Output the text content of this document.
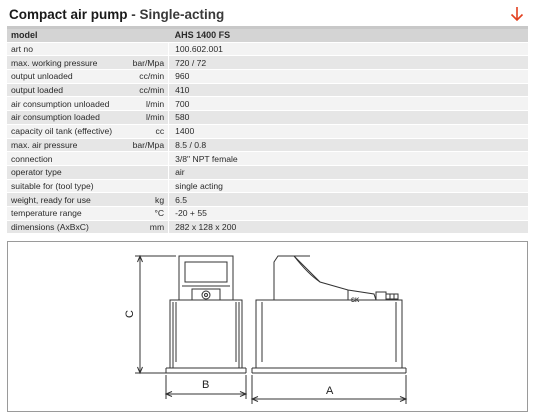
Compact air pump - Single-acting
model		AHS 1400 FS
art no		100.602.001
max. working pressure	bar/Mpa	720 / 72
output unloaded	cc/min	960
output loaded	cc/min	410
air consumption unloaded	l/min	700
air consumption loaded	l/min	580
capacity oil tank (effective)	cc	1400
max. air pressure	bar/Mpa	8.5 / 0.8
connection		3/8" NPT female
operator type		air
suitable for (tool type)		single acting
weight, ready for use	kg	6.5
temperature range	°C	-20 + 55
dimensions (AxBxC)	mm	282 x 128 x 200
C
B	A
SK
